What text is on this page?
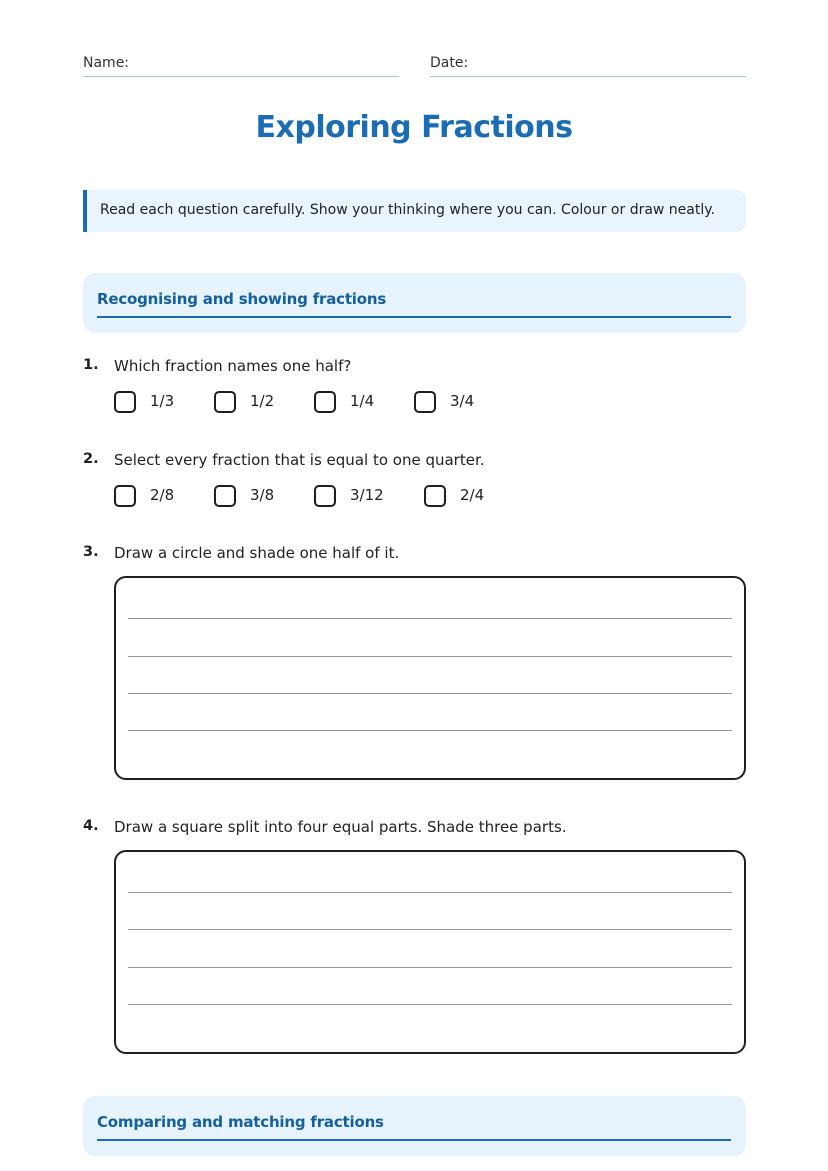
Name:	Date:
Exploring Fractions
Read each question carefully. Show your thinking where you can. Colour or draw neatly.
Recognising and showing fractions
1. Which fraction names one half?
1/3	1/2	1/4	3/4
2. Select every fraction that is equal to one quarter.
2/8	3/8	3/12	2/4
3. Draw a circle and shade one half of it.
4. Draw a square split into four equal parts. Shade three parts.
Comparing and matching fractions
